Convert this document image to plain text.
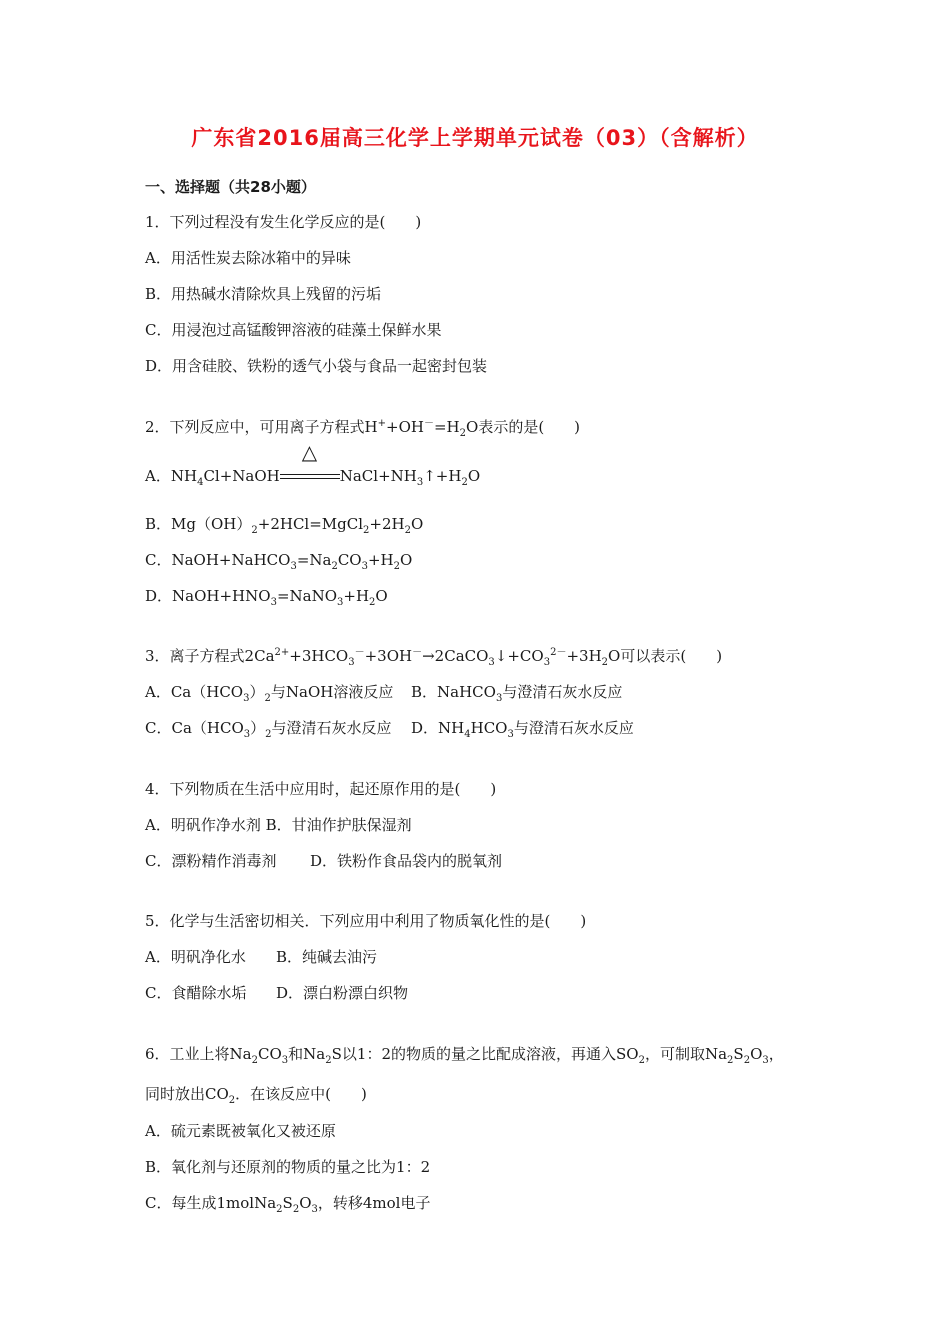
广东省2016届高三化学上学期单元试卷（03）（含解析）
一、选择题（共28小题）
1．下列过程没有发生化学反应的是(　　)
A．用活性炭去除冰箱中的异味
B．用热碱水清除炊具上残留的污垢
C．用浸泡过高锰酸钾溶液的硅藻土保鲜水果
D．用含硅胶、铁粉的透气小袋与食品一起密封包装
2．下列反应中，可用离子方程式$H^++OH^-=H_2O$表示的是(　　)
A．$NH_4Cl+NaOH$
△
$NaCl+NH_3↑+H_2O$
B．$Mg(OH)_2+2HCl=MgCl_2+2H_2O$
C．$NaOH+NaHCO_3=Na_2CO_3+H_2O$
D．$NaOH+HNO_3=NaNO_3+H_2O$
3．离子方程式$2Ca^{2+}+3HCO_3^-+3OH^-\to 2CaCO_3↓+CO_3^{2-}+3H_2O$可以表示(　　)
A．$Ca(HCO_3)_2$与NaOH溶液反应 B．NaHCO$_3$与澄清石灰水反应
C．$Ca(HCO_3)_2$与澄清石灰水反应 D．$NH_4HCO_3$与澄清石灰水反应
4．下列物质在生活中应用时，起还原作用的是(　　)
A．明矾作净水剂 B．甘油作护肤保湿剂
C．漂粉精作消毒剂 D．铁粉作食品袋内的脱氧剂
5．化学与生活密切相关．下列应用中利用了物质氧化性的是(　　)
A．明矾净化水 B．纯碱去油污
C．食醋除水垢 D．漂白粉漂白织物
6．工业上将$Na_2CO_3$和$Na_2S$以1：2的物质的量之比配成溶液，再通入$SO_2$，可制取$Na_2S_2O_3$，
同时放出$CO_2$．在该反应中(　　)
A．硫元素既被氧化又被还原
B．氧化剂与还原剂的物质的量之比为1：2
C．每生成$1molNa_2S_2O_3$，转移4mol电子
